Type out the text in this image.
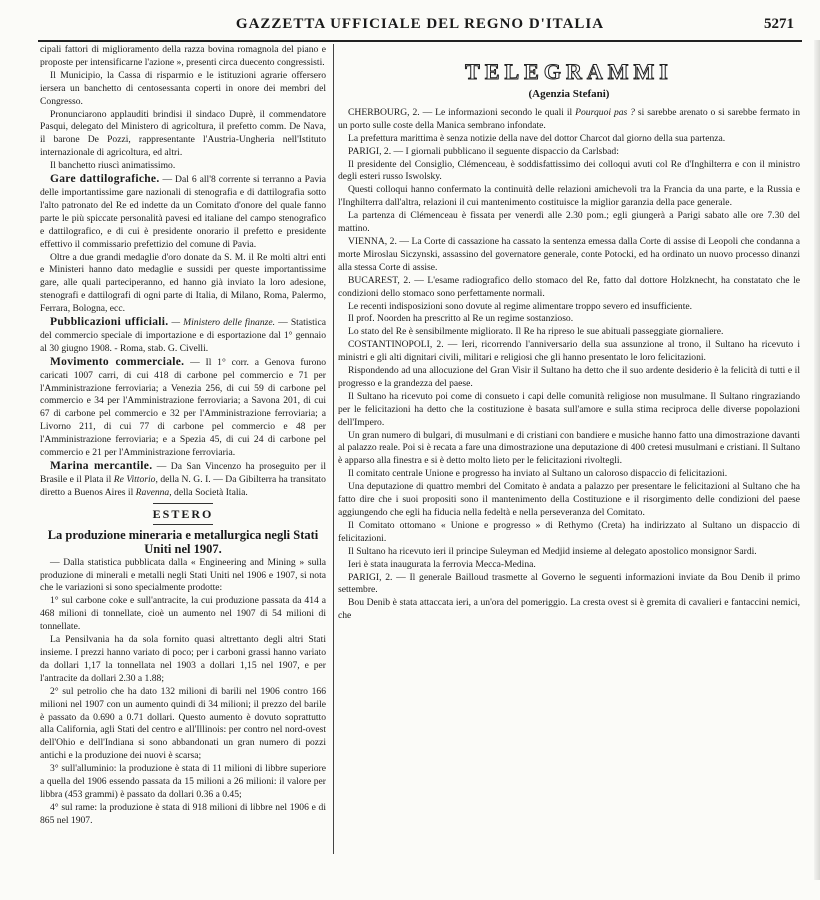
GAZZETTA UFFICIALE DEL REGNO D'ITALIA	5271

cipali fattori di miglioramento della razza bovina romagnola del piano e proposte per intensificarne l'azione », presenti circa duecento congressisti.

Il Municipio, la Cassa di risparmio e le istituzioni agrarie offersero iersera un banchetto di centosessanta coperti in onore dei membri del Congresso.

Pronunciarono applauditi brindisi il sindaco Duprè, il commendatore Pasqui, delegato del Ministero di agricoltura, il prefetto comm. De Nava, il barone De Pozzi, rappresentante l'Austria-Ungheria nell'Istituto internazionale di agricoltura, ed altri.

Il banchetto riuscì animatissimo.

Gare dattilografiche. — Dal 6 all'8 corrente si terranno a Pavia delle importantissime gare nazionali di stenografia e di dattilografia sotto l'alto patronato del Re ed indette da un Comitato d'onore del quale fanno parte le più spiccate personalità pavesi ed italiane del campo stenografico e dattilografico, e di cui è presidente onorario il prefetto e presidente effettivo il commissario prefettizio del comune di Pavia.

Oltre a due grandi medaglie d'oro donate da S. M. il Re molti altri enti e Ministeri hanno dato medaglie e sussidi per queste importantissime gare, alle quali parteciperanno, ed hanno già inviato la loro adesione, stenografi e dattilografi di ogni parte di Italia, di Milano, Roma, Palermo, Ferrara, Bologna, ecc.

Pubblicazioni ufficiali. — Ministero delle finanze. — Statistica del commercio speciale di importazione e di esportazione dal 1° gennaio al 30 giugno 1908. - Roma, stab. G. Civelli.

Movimento commerciale. — Il 1° corr. a Genova furono caricati 1007 carri, di cui 418 di carbone pel commercio e 71 per l'Amministrazione ferroviaria; a Venezia 256, di cui 59 di carbone pel commercio e 34 per l'Amministrazione ferroviaria; a Savona 201, di cui 67 di carbone pel commercio e 32 per l'Amministrazione ferroviaria; a Livorno 211, di cui 77 di carbone pel commercio e 48 per l'Amministrazione ferroviaria; e a Spezia 45, di cui 24 di carbone pel commercio e 21 per l'Amministrazione ferroviaria.

Marina mercantile. — Da San Vincenzo ha proseguito per il Brasile e il Plata il Re Vittorio, della N. G. I. — Da Gibilterra ha transitato diretto a Buenos Aires il Ravenna, della Società Italia.

ESTERO
La produzione mineraria e metallurgica negli Stati Uniti nel 1907.

— Dalla statistica pubblicata dalla « Engineering and Mining » sulla produzione di minerali e metalli negli Stati Uniti nel 1906 e 1907, si nota che le variazioni si sono specialmente prodotte:

1° sul carbone coke e sull'antracite, la cui produzione passata da 414 a 468 milioni di tonnellate, cioè un aumento nel 1907 di 54 milioni di tonnellate.

La Pensilvania ha da sola fornito quasi altrettanto degli altri Stati insieme. I prezzi hanno variato di poco; per i carboni grassi hanno variato da dollari 1,17 la tonnellata nel 1903 a dollari 1,15 nel 1907, e per l'antracite da dollari 2.30 a 1.88;

2° sul petrolio che ha dato 132 milioni di barili nel 1906 contro 166 milioni nel 1907 con un aumento quindi di 34 milioni; il prezzo del barile è passato da 0.690 a 0.71 dollari. Questo aumento è dovuto soprattutto alla California, agli Stati del centro e all'Illinois: per contro nel nord-ovest dell'Ohio e dell'Indiana si sono abbandonati un gran numero di pozzi antichi e la produzione dei nuovi è scarsa;

3° sull'alluminio: la produzione è stata di 11 milioni di libbre superiore a quella del 1906 essendo passata da 15 milioni a 26 milioni: il valore per libbra (453 grammi) è passato da dollari 0.36 a 0.45;

4° sul rame: la produzione è stata di 918 milioni di libbre nel 1906 e di 865 nel 1907.

TELEGRAMMI
(Agenzia Stefani)

CHERBOURG, 2. — Le informazioni secondo le quali il Pourquoi pas ? si sarebbe arenato o si sarebbe fermato in un porto sulle coste della Manica sembrano infondate.

La prefettura marittima è senza notizie della nave del dottor Charcot dal giorno della sua partenza.

PARIGI, 2. — I giornali pubblicano il seguente dispaccio da Carlsbad:

Il presidente del Consiglio, Clémenceau, è soddisfattissimo dei colloqui avuti col Re d'Inghilterra e con il ministro degli esteri russo Iswolsky.

Questi colloqui hanno confermato la continuità delle relazioni amichevoli tra la Francia da una parte, e la Russia e l'Inghilterra dall'altra, relazioni il cui mantenimento costituisce la miglior garanzia della pace generale.

La partenza di Clémenceau è fissata per venerdì alle 2.30 pom.; egli giungerà a Parigi sabato alle ore 7.30 del mattino.

VIENNA, 2. — La Corte di cassazione ha cassato la sentenza emessa dalla Corte di assise di Leopoli che condanna a morte Miroslau Siczynski, assassino del governatore generale, conte Potocki, ed ha ordinato un nuovo processo dinanzi alla stessa Corte di assise.

BUCAREST, 2. — L'esame radiografico dello stomaco del Re, fatto dal dottore Holzknecht, ha constatato che le condizioni dello stomaco sono perfettamente normali.

Le recenti indisposizioni sono dovute al regime alimentare troppo severo ed insufficiente.

Il prof. Noorden ha prescritto al Re un regime sostanzioso.

Lo stato del Re è sensibilmente migliorato. Il Re ha ripreso le sue abituali passeggiate giornaliere.

COSTANTINOPOLI, 2. — Ieri, ricorrendo l'anniversario della sua assunzione al trono, il Sultano ha ricevuto i ministri e gli alti dignitari civili, militari e religiosi che gli hanno presentato le loro felicitazioni.

Rispondendo ad una allocuzione del Gran Visir il Sultano ha detto che il suo ardente desiderio è la felicità di tutti e il progresso e la grandezza del paese.

Il Sultano ha ricevuto poi come di consueto i capi delle comunità religiose non musulmane. Il Sultano ringraziando per le felicitazioni ha detto che la costituzione è basata sull'amore e sulla stima reciproca delle diverse popolazioni dell'Impero.

Un gran numero di bulgari, di musulmani e di cristiani con bandiere e musiche hanno fatto una dimostrazione davanti al palazzo reale. Poi si è recata a fare una dimostrazione una deputazione di 400 cretesi musulmani e cristiani. Il Sultano è apparso alla finestra e si è detto molto lieto per le felicitazioni rivoltegli.

Il comitato centrale Unione e progresso ha inviato al Sultano un caloroso dispaccio di felicitazioni.

Una deputazione di quattro membri del Comitato è andata a palazzo per presentare le felicitazioni al Sultano che ha fatto dire che i suoi propositi sono il mantenimento della Costituzione e il risorgimento delle condizioni del paese aggiungendo che egli ha fiducia nella fedeltà e nella perseveranza del Comitato.

Il Comitato ottomano « Unione e progresso » di Rethymo (Creta) ha indirizzato al Sultano un dispaccio di felicitazioni.

Il Sultano ha ricevuto ieri il principe Suleyman ed Medjid insieme al delegato apostolico monsignor Sardi.

Ieri è stata inaugurata la ferrovia Mecca-Medina.

PARIGI, 2. — Il generale Bailloud trasmette al Governo le seguenti informazioni inviate da Bou Denib il primo settembre.

Bou Denib è stata attaccata ieri, a un'ora del pomeriggio. La cresta ovest si è gremita di cavalieri e fantaccini nemici, che
